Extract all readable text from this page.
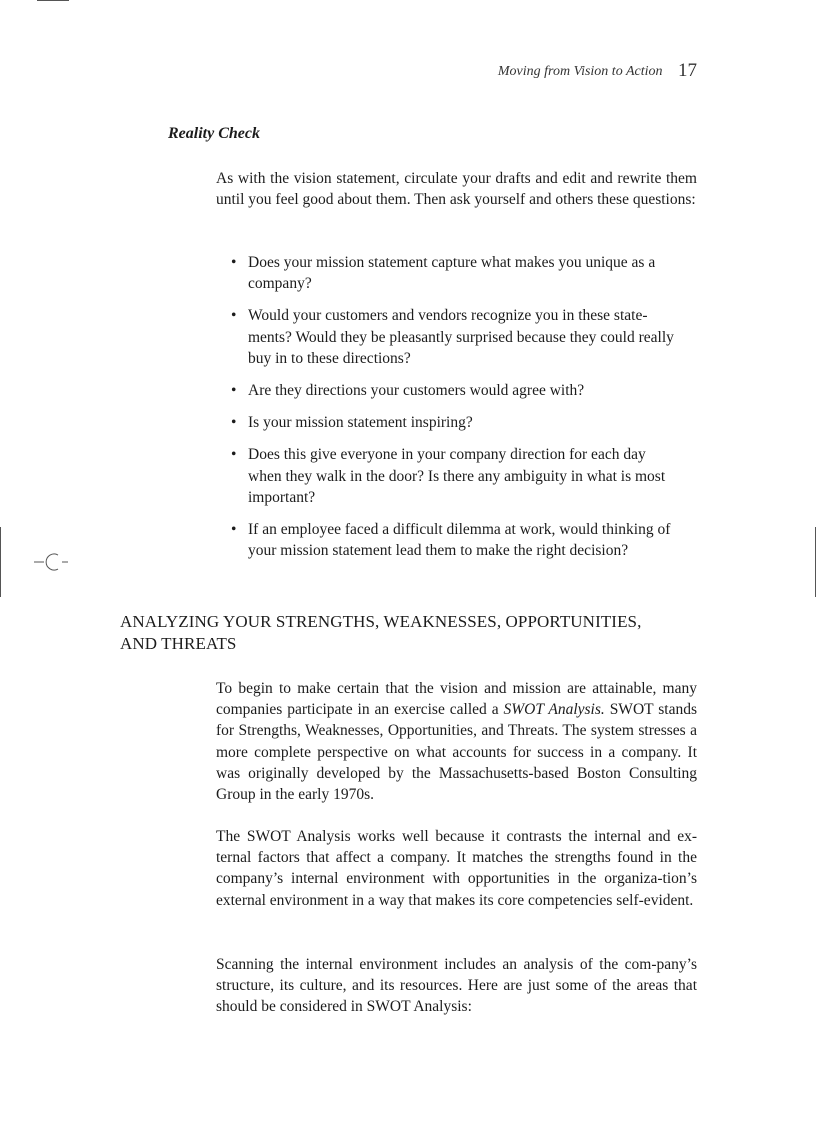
Moving from Vision to Action 17
Reality Check

As with the vision statement, circulate your drafts and edit and rewrite them until you feel good about them. Then ask yourself and others these questions:

• Does your mission statement capture what makes you unique as a company?
• Would your customers and vendors recognize you in these state-ments? Would they be pleasantly surprised because they could really buy in to these directions?
• Are they directions your customers would agree with?
• Is your mission statement inspiring?
• Does this give everyone in your company direction for each day when they walk in the door? Is there any ambiguity in what is most important?
• If an employee faced a difficult dilemma at work, would thinking of your mission statement lead them to make the right decision?
ANALYZING YOUR STRENGTHS, WEAKNESSES, OPPORTUNITIES,
AND THREATS

To begin to make certain that the vision and mission are attainable, many companies participate in an exercise called a SWOT Analysis. SWOT stands for Strengths, Weaknesses, Opportunities, and Threats. The system stresses a more complete perspective on what accounts for success in a company. It was originally developed by the Massachusetts-based Boston Consulting Group in the early 1970s.

The SWOT Analysis works well because it contrasts the internal and ex-ternal factors that affect a company. It matches the strengths found in the company’s internal environment with opportunities in the organiza-tion’s external environment in a way that makes its core competencies self-evident.

Scanning the internal environment includes an analysis of the com-pany’s structure, its culture, and its resources. Here are just some of the areas that should be considered in SWOT Analysis:
